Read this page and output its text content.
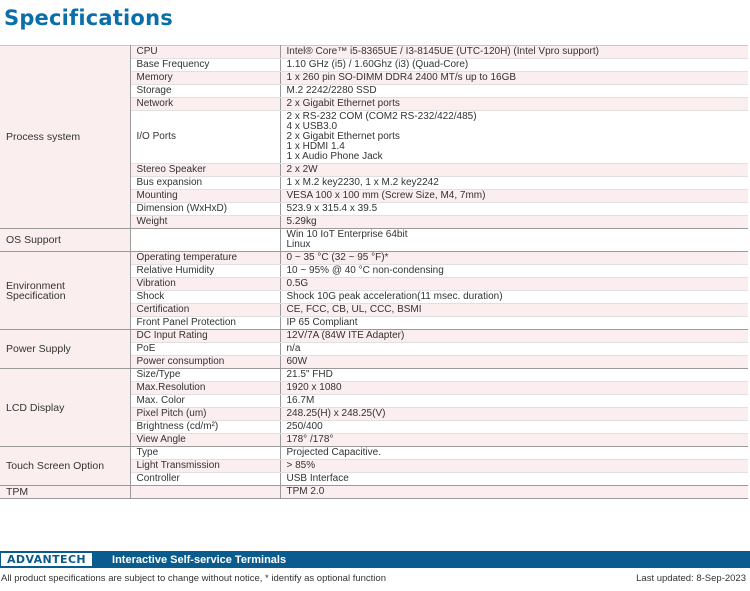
Specifications
Process system	CPU	Intel® Core™ i5-8365UE / I3-8145UE (UTC-120H) (Intel Vpro support)

	Base Frequency	1.10 GHz (i5) / 1.60Ghz (i3) (Quad-Core)

	Memory	1 x 260 pin SO-DIMM DDR4 2400 MT/s up to 16GB

	Storage	M.2 2242/2280 SSD

	Network	2 x Gigabit Ethernet ports

	I/O Ports	2 x RS-232 COM (COM2 RS-232/422/485)
4 x USB3.0
2 x Gigabit Ethernet ports
1 x HDMI 1.4
1 x Audio Phone Jack

	Stereo Speaker	2 x 2W

	Bus expansion	1 x M.2 key2230, 1 x M.2 key2242

	Mounting	VESA 100 x 100 mm (Screw Size, M4, 7mm)

	Dimension (WxHxD)	523.9 x 315.4 x 39.5

	Weight	5.29kg

OS Support		Win 10 IoT Enterprise 64bit
Linux

Environment Specification	Operating temperature	0 ~ 35 °C (32 ~ 95 °F)*

	Relative Humidity	10 ~ 95% @ 40 °C non-condensing

	Vibration	0.5G

	Shock	Shock 10G peak acceleration(11 msec. duration)

	Certification	CE, FCC, CB, UL, CCC, BSMI

	Front Panel Protection	IP 65 Compliant

Power Supply	DC Input Rating	12V/7A (84W ITE Adapter)

	PoE	n/a

	Power consumption	60W

LCD Display	Size/Type	21.5" FHD

	Max.Resolution	1920 x 1080

	Max. Color	16.7M

	Pixel Pitch (um)	248.25(H) x 248.25(V)

	Brightness (cd/m²)	250/400

	View Angle	178° /178°

Touch Screen Option	Type	Projected Capacitive.

	Light Transmission	> 85%

	Controller	USB Interface

TPM		TPM 2.0
ADVANTECH	Interactive Self-service Terminals
All product specifications are subject to change without notice, * identify as optional function	Last updated: 8-Sep-2023
